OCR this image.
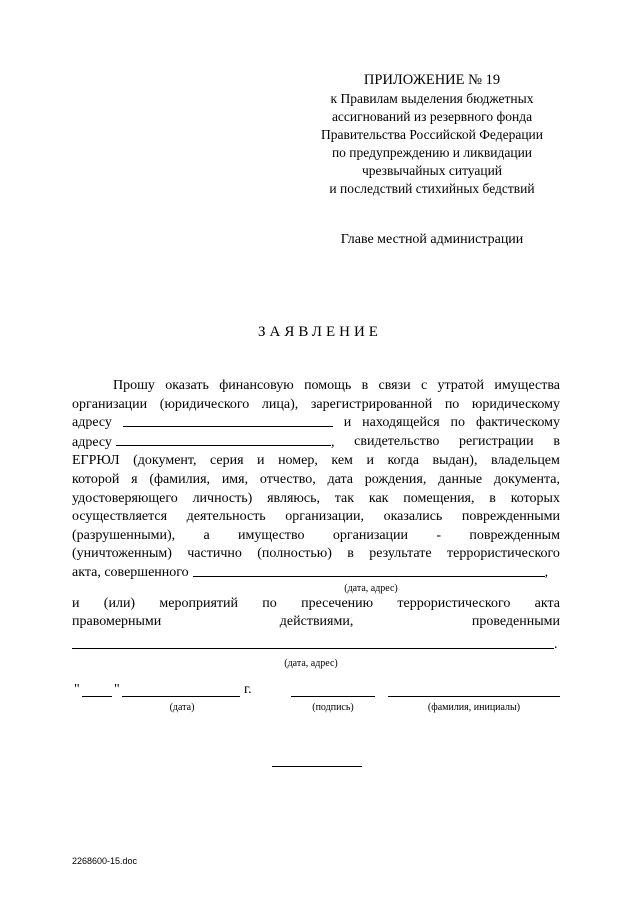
ПРИЛОЖЕНИЕ № 19
к Правилам выделения бюджетных
ассигнований из резервного фонда
Правительства Российской Федерации
по предупреждению и ликвидации
чрезвычайных ситуаций
и последствий стихийных бедствий
Главе местной администрации
ЗАЯВЛЕНИЕ
Прошу оказать финансовую помощь в связи с утратой имущества
организации (юридического лица), зарегистрированной по юридическому
адресу	и находящейся по фактическому
адресу	, свидетельство регистрации в
ЕГРЮЛ (документ, серия и номер, кем и когда выдан), владельцем
которой я (фамилия, имя, отчество, дата рождения, данные документа,
удостоверяющего личность) являюсь, так как помещения, в которых
осуществляется деятельность организации, оказались поврежденными
(разрушенными), а имущество организации - поврежденным
(уничтоженным) частично (полностью) в результате террористического
акта, совершенного	,
(дата, адрес)
и (или) мероприятий по пресечению террористического акта
правомерными	действиями,	проведенными
.
(дата, адрес)
" "	г.
(дата)	(подпись)	(фамилия, инициалы)
2268600-15.doc
